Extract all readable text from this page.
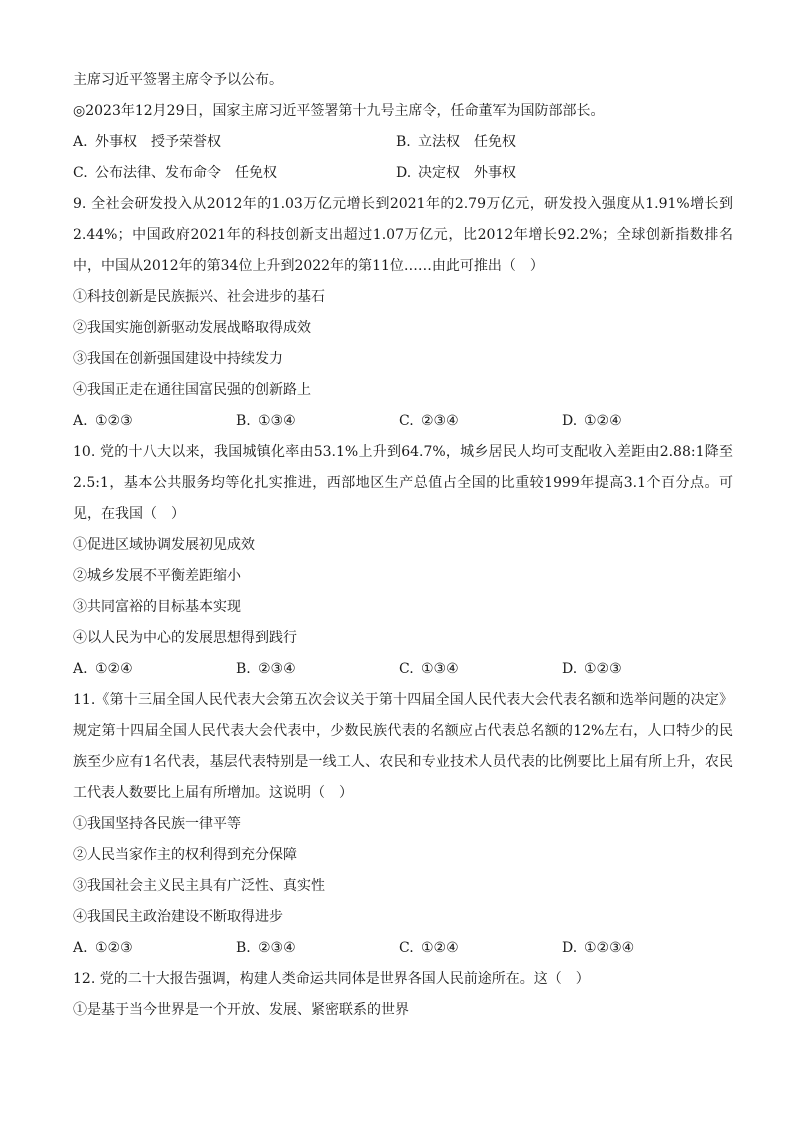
主席习近平签署主席令予以公布。
◎2023年12月29日，国家主席习近平签署第十九号主席令，任命董军为国防部部长。
A. 外事权　授予荣誉权	B. 立法权　任免权
C. 公布法律、发布命令　任免权	D. 决定权　外事权
9. 全社会研发投入从2012年的1.03万亿元增长到2021年的2.79万亿元，研发投入强度从1.91%增长到2.44%；中国政府2021年的科技创新支出超过1.07万亿元，比2012年增长92.2%；全球创新指数排名中，中国从2012年的第34位上升到2022年的第11位……由此可推出（　）
①科技创新是民族振兴、社会进步的基石
②我国实施创新驱动发展战略取得成效
③我国在创新强国建设中持续发力
④我国正走在通往国富民强的创新路上
A. ①②③	B. ①③④	C. ②③④	D. ①②④
10. 党的十八大以来，我国城镇化率由53.1%上升到64.7%，城乡居民人均可支配收入差距由2.88:1降至2.5:1，基本公共服务均等化扎实推进，西部地区生产总值占全国的比重较1999年提高3.1个百分点。可见，在我国（　）
①促进区域协调发展初见成效
②城乡发展不平衡差距缩小
③共同富裕的目标基本实现
④以人民为中心的发展思想得到践行
A. ①②④	B. ②③④	C. ①③④	D. ①②③
11.《第十三届全国人民代表大会第五次会议关于第十四届全国人民代表大会代表名额和选举问题的决定》规定第十四届全国人民代表大会代表中，少数民族代表的名额应占代表总名额的12%左右，人口特少的民族至少应有1名代表，基层代表特别是一线工人、农民和专业技术人员代表的比例要比上届有所上升，农民工代表人数要比上届有所增加。这说明（　）
①我国坚持各民族一律平等
②人民当家作主的权利得到充分保障
③我国社会主义民主具有广泛性、真实性
④我国民主政治建设不断取得进步
A. ①②③	B. ②③④	C. ①②④	D. ①②③④
12. 党的二十大报告强调，构建人类命运共同体是世界各国人民前途所在。这（　）
①是基于当今世界是一个开放、发展、紧密联系的世界
